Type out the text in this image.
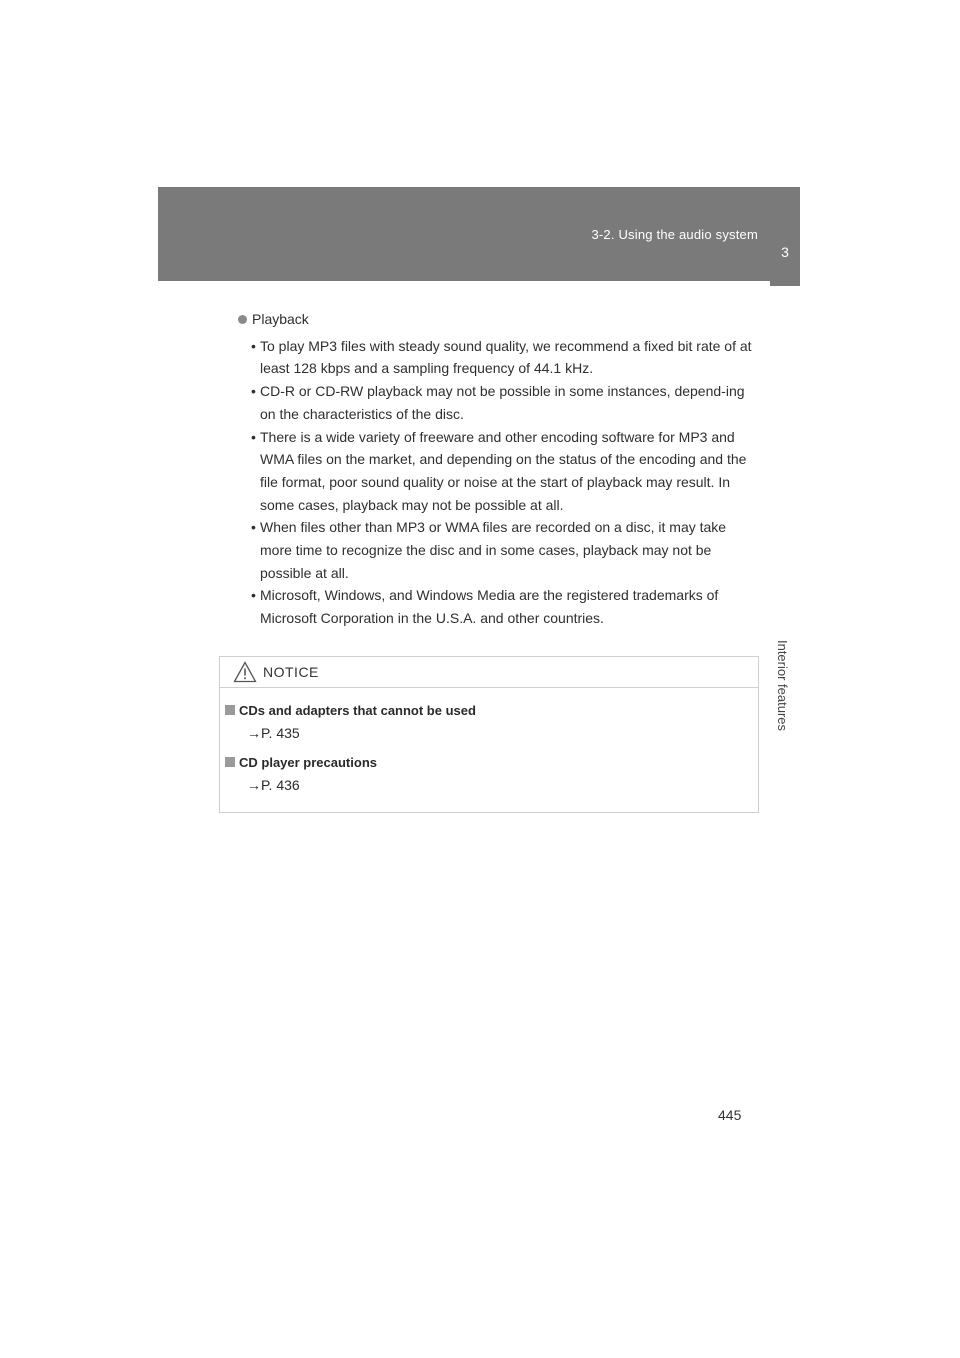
3-2. Using the audio system
3
Interior features
Playback
• To play MP3 files with steady sound quality, we recommend a fixed bit rate of at least 128 kbps and a sampling frequency of 44.1 kHz.
• CD-R or CD-RW playback may not be possible in some instances, depend-ing on the characteristics of the disc.
• There is a wide variety of freeware and other encoding software for MP3 and WMA files on the market, and depending on the status of the encoding and the file format, poor sound quality or noise at the start of playback may result. In some cases, playback may not be possible at all.
• When files other than MP3 or WMA files are recorded on a disc, it may take more time to recognize the disc and in some cases, playback may not be possible at all.
• Microsoft, Windows, and Windows Media are the registered trademarks of Microsoft Corporation in the U.S.A. and other countries.
NOTICE
CDs and adapters that cannot be used
→P. 435
CD player precautions
→P. 436
445
